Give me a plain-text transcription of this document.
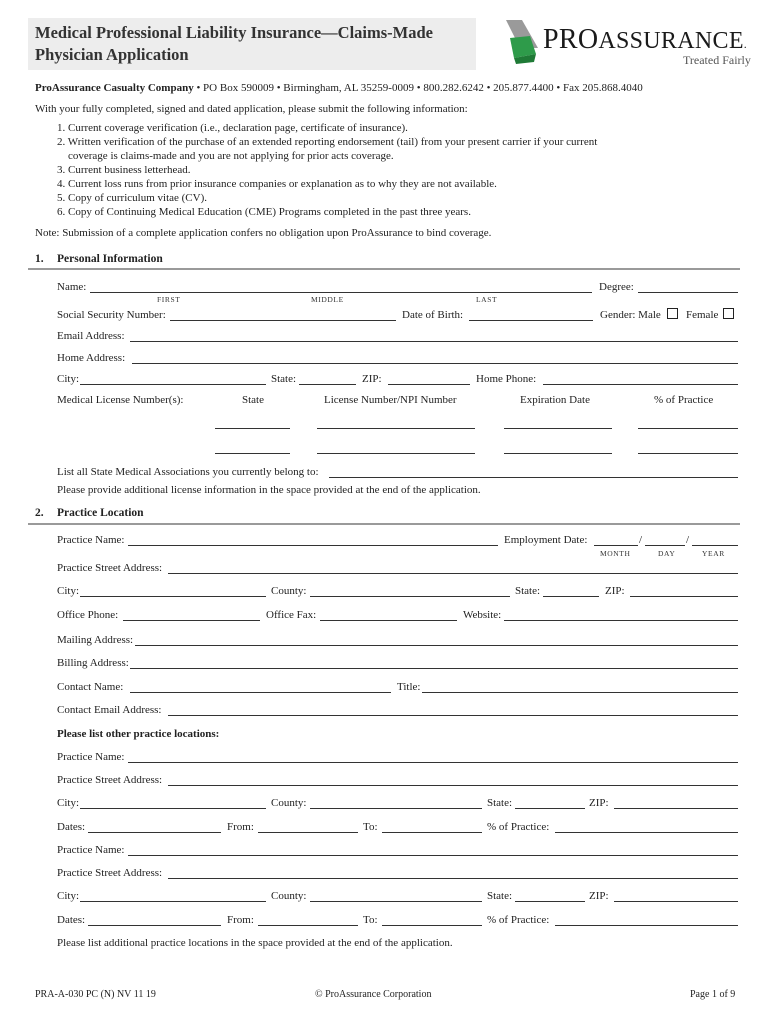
Medical Professional Liability Insurance—Claims-Made
Physician Application	PROASSURANCE.
Treated Fairly
ProAssurance Casualty Company • PO Box 590009 • Birmingham, AL 35259-0009 • 800.282.6242 • 205.877.4400 • Fax 205.868.4040
With your fully completed, signed and dated application, please submit the following information:
1. Current coverage verification (i.e., declaration page, certificate of insurance).
2. Written verification of the purchase of an extended reporting endorsement (tail) from your present carrier if your current
coverage is claims-made and you are not applying for prior acts coverage.
3. Current business letterhead.
4. Current loss runs from prior insurance companies or explanation as to why they are not available.
5. Copy of curriculum vitae (CV).
6. Copy of Continuing Medical Education (CME) Programs completed in the past three years.
Note: Submission of a complete application confers no obligation upon ProAssurance to bind coverage.
1. Personal Information
Name:	Degree:
FIRST	MIDDLE	LAST
Social Security Number:	Date of Birth:	Gender: Male Female
Email Address:
Home Address:
City:	State:	ZIP:	Home Phone:
Medical License Number(s):	State	License Number/NPI Number	Expiration Date	% of Practice
List all State Medical Associations you currently belong to:
Please provide additional license information in the space provided at the end of the application.
2. Practice Location
Practice Name:	Employment Date:	/	/
MONTH	DAY	YEAR
Practice Street Address:
City:	County:	State:	ZIP:
Office Phone:	Office Fax:	Website:
Mailing Address:
Billing Address:
Contact Name:	Title:
Contact Email Address:
Please list other practice locations:
Practice Name:
Practice Street Address:
City:	County:	State:	ZIP:
Dates:	From:	To:	% of Practice:
Practice Name:
Practice Street Address:
City:	County:	State:	ZIP:
Dates:	From:	To:	% of Practice:
Please list additional practice locations in the space provided at the end of the application.
PRA-A-030 PC (N) NV 11 19	© ProAssurance Corporation	Page 1 of 9
